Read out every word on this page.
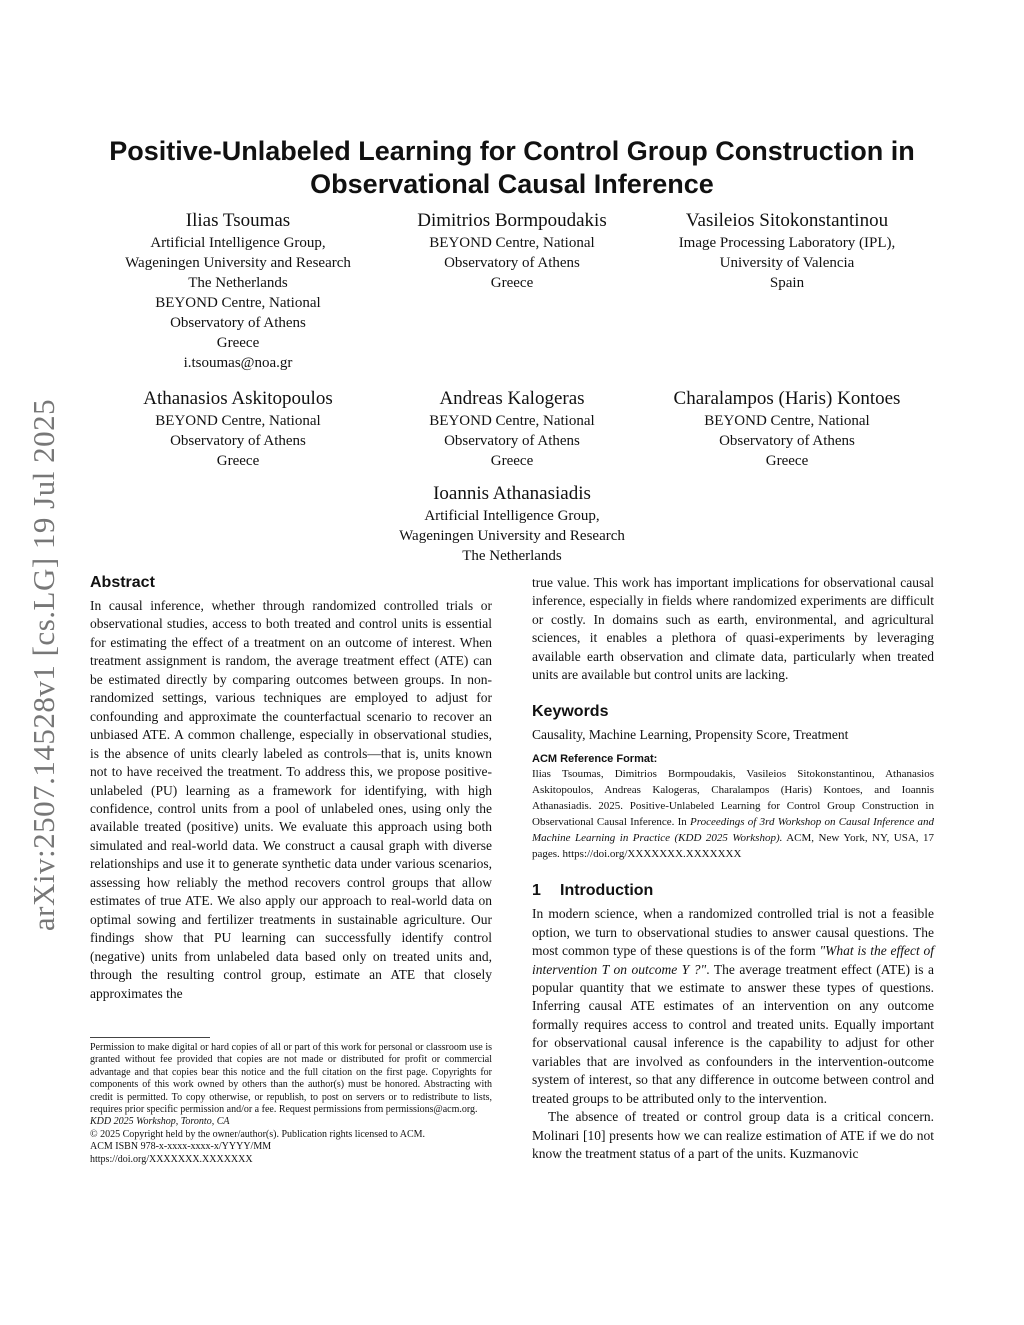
arXiv:2507.14528v1 [cs.LG] 19 Jul 2025
Positive-Unlabeled Learning for Control Group Construction in Observational Causal Inference
Ilias Tsoumas
Artificial Intelligence Group,
Wageningen University and Research
The Netherlands
BEYOND Centre, National
Observatory of Athens
Greece
i.tsoumas@noa.gr
Dimitrios Bormpoudakis
BEYOND Centre, National
Observatory of Athens
Greece
Vasileios Sitokonstantinou
Image Processing Laboratory (IPL),
University of Valencia
Spain
Athanasios Askitopoulos
BEYOND Centre, National
Observatory of Athens
Greece
Andreas Kalogeras
BEYOND Centre, National
Observatory of Athens
Greece
Charalampos (Haris) Kontoes
BEYOND Centre, National
Observatory of Athens
Greece
Ioannis Athanasiadis
Artificial Intelligence Group,
Wageningen University and Research
The Netherlands
Abstract

In causal inference, whether through randomized controlled trials or observational studies, access to both treated and control units is essential for estimating the effect of a treatment on an outcome of interest. When treatment assignment is random, the average treatment effect (ATE) can be estimated directly by comparing outcomes between groups. In non-randomized settings, various techniques are employed to adjust for confounding and approximate the counterfactual scenario to recover an unbiased ATE. A common challenge, especially in observational studies, is the absence of units clearly labeled as controls—that is, units known not to have received the treatment. To address this, we propose positive-unlabeled (PU) learning as a framework for identifying, with high confidence, control units from a pool of unlabeled ones, using only the available treated (positive) units. We evaluate this approach using both simulated and real-world data. We construct a causal graph with diverse relationships and use it to generate synthetic data under various scenarios, assessing how reliably the method recovers control groups that allow estimates of true ATE. We also apply our approach to real-world data on optimal sowing and fertilizer treatments in sustainable agriculture. Our findings show that PU learning can successfully identify control (negative) units from unlabeled data based only on treated units and, through the resulting control group, estimate an ATE that closely approximates the

Permission to make digital or hard copies of all or part of this work for personal or classroom use is granted without fee provided that copies are not made or distributed for profit or commercial advantage and that copies bear this notice and the full citation on the first page. Copyrights for components of this work owned by others than the author(s) must be honored. Abstracting with credit is permitted. To copy otherwise, or republish, to post on servers or to redistribute to lists, requires prior specific permission and/or a fee. Request permissions from permissions@acm.org.

KDD 2025 Workshop, Toronto, CA

© 2025 Copyright held by the owner/author(s). Publication rights licensed to ACM.

ACM ISBN 978-x-xxxx-xxxx-x/YYYY/MM

https://doi.org/XXXXXXX.XXXXXXX

true value. This work has important implications for observational causal inference, especially in fields where randomized experiments are difficult or costly. In domains such as earth, environmental, and agricultural sciences, it enables a plethora of quasi-experiments by leveraging available earth observation and climate data, particularly when treated units are available but control units are lacking.

Keywords

Causality, Machine Learning, Propensity Score, Treatment

ACM Reference Format:

Ilias Tsoumas, Dimitrios Bormpoudakis, Vasileios Sitokonstantinou, Athanasios Askitopoulos, Andreas Kalogeras, Charalampos (Haris) Kontoes, and Ioannis Athanasiadis. 2025. Positive-Unlabeled Learning for Control Group Construction in Observational Causal Inference. In Proceedings of 3rd Workshop on Causal Inference and Machine Learning in Practice (KDD 2025 Workshop). ACM, New York, NY, USA, 17 pages. https://doi.org/XXXXXXX.XXXXXXX

1 Introduction

In modern science, when a randomized controlled trial is not a feasible option, we turn to observational studies to answer causal questions. The most common type of these questions is of the form "What is the effect of intervention T on outcome Y ?". The average treatment effect (ATE) is a popular quantity that we estimate to answer these types of questions. Inferring causal ATE estimates of an intervention on any outcome formally requires access to control and treated units. Equally important for observational causal inference is the capability to adjust for other variables that are involved as confounders in the intervention-outcome system of interest, so that any difference in outcome between control and treated groups to be attributed only to the intervention.

The absence of treated or control group data is a critical concern. Molinari [10] presents how we can realize estimation of ATE if we do not know the treatment status of a part of the units. Kuzmanovic
